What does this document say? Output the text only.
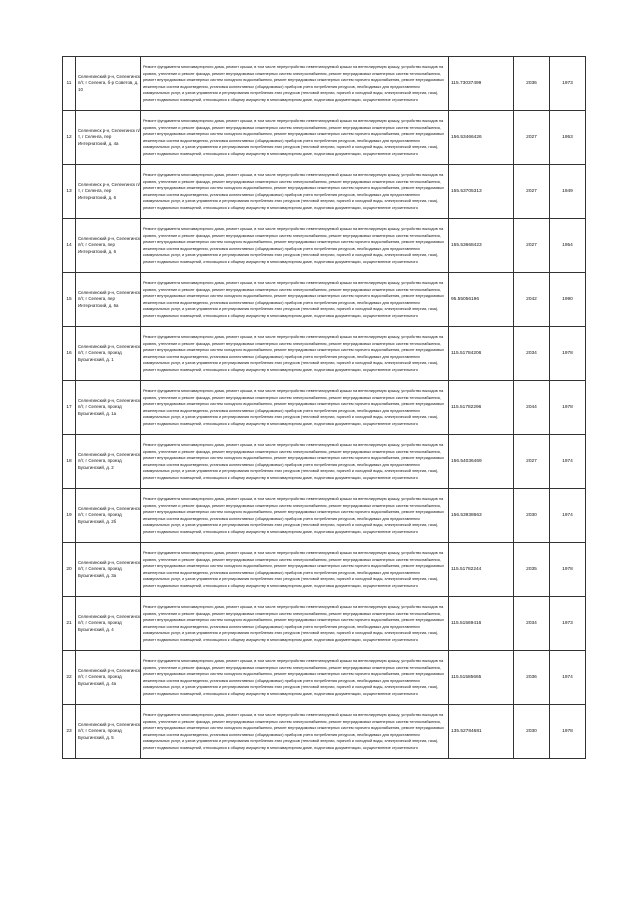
11	Селенгинский р-н, Селенгинск п/т, г Селенга, б-р Советов, д. 10	Ремонт фундамента многоквартирного дома, ремонт крыши, в том числе переустройство невентилируемой крыши на вентилируемую крышу, устройство выходов на кровлю, утепление и ремонт фасада, ремонт внутридомовых инженерных систем электроснабжения, ремонт внутридомовых инженерных систем теплоснабжения, ремонт внутридомовых инженерных систем холодного водоснабжения, ремонт внутридомовых инженерных систем горячего водоснабжения, ремонт внутридомовых инженерных систем водоотведения, установка коллективных (общедомовых) приборов учета потребления ресурсов, необходимых для предоставления коммунальных услуг, и узлов управления и регулирования потребления этих ресурсов (тепловой энергии, горячей и холодной воды, электрической энергии, газа), ремонт подвальных помещений, относящихся к общему имуществу в многоквартирном доме, подготовка документации, осуществление строительного	115.73037499	2036	1973
12	Селенгинск р-н, Селенгинск п/т, г Селенга, пер Интернатский, д. 4а	Ремонт фундамента многоквартирного дома, ремонт крыши, в том числе переустройство невентилируемой крыши на вентилируемую крышу, устройство выходов на кровлю, утепление и ремонт фасада, ремонт внутридомовых инженерных систем электроснабжения, ремонт внутридомовых инженерных систем теплоснабжения, ремонт внутридомовых инженерных систем холодного водоснабжения, ремонт внутридомовых инженерных систем горячего водоснабжения, ремонт внутридомовых инженерных систем водоотведения, установка коллективных (общедомовых) приборов учета потребления ресурсов, необходимых для предоставления коммунальных услуг, и узлов управления и регулирования потребления этих ресурсов (тепловой энергии, горячей и холодной воды, электрической энергии, газа), ремонт подвальных помещений, относящихся к общему имуществу в многоквартирном доме, подготовка документации, осуществление строительного	156.53466426	2027	1953
13	Селенгинск р-н, Селенгинск п/т, г Селенга, пер Интернатский, д. 6	Ремонт фундамента многоквартирного дома, ремонт крыши, в том числе переустройство невентилируемой крыши на вентилируемую крышу, устройство выходов на кровлю, утепление и ремонт фасада, ремонт внутридомовых инженерных систем электроснабжения, ремонт внутридомовых инженерных систем теплоснабжения, ремонт внутридомовых инженерных систем холодного водоснабжения, ремонт внутридомовых инженерных систем горячего водоснабжения, ремонт внутридомовых инженерных систем водоотведения, установка коллективных (общедомовых) приборов учета потребления ресурсов, необходимых для предоставления коммунальных услуг, и узлов управления и регулирования потребления этих ресурсов (тепловой энергии, горячей и холодной воды, электрической энергии, газа), ремонт подвальных помещений, относящихся к общему имуществу в многоквартирном доме, подготовка документации, осуществление строительного	155.53705313	2027	1949
14	Селенгинский р-н, Селенгинск п/т, г Селенга, пер Интернатский, д. 6	Ремонт фундамента многоквартирного дома, ремонт крыши, в том числе переустройство невентилируемой крыши на вентилируемую крышу, устройство выходов на кровлю, утепление и ремонт фасада, ремонт внутридомовых инженерных систем электроснабжения, ремонт внутридомовых инженерных систем теплоснабжения, ремонт внутридомовых инженерных систем холодного водоснабжения, ремонт внутридомовых инженерных систем горячего водоснабжения, ремонт внутридомовых инженерных систем водоотведения, установка коллективных (общедомовых) приборов учета потребления ресурсов, необходимых для предоставления коммунальных услуг, и узлов управления и регулирования потребления этих ресурсов (тепловой энергии, горячей и холодной воды, электрической энергии, газа), ремонт подвальных помещений, относящихся к общему имуществу в многоквартирном доме, подготовка документации, осуществление строительного	155.53668423	2027	1954
15	Селенгинский р-н, Селенгинск п/т, г Селенга, пер Интернатский, д. 6а	Ремонт фундамента многоквартирного дома, ремонт крыши, в том числе переустройство невентилируемой крыши на вентилируемую крышу, устройство выходов на кровлю, утепление и ремонт фасада, ремонт внутридомовых инженерных систем электроснабжения, ремонт внутридомовых инженерных систем теплоснабжения, ремонт внутридомовых инженерных систем холодного водоснабжения, ремонт внутридомовых инженерных систем горячего водоснабжения, ремонт внутридомовых инженерных систем водоотведения, установка коллективных (общедомовых) приборов учета потребления ресурсов, необходимых для предоставления коммунальных услуг, и узлов управления и регулирования потребления этих ресурсов (тепловой энергии, горячей и холодной воды, электрической энергии, газа), ремонт подвальных помещений, относящихся к общему имуществу в многоквартирном доме, подготовка документации, осуществление строительного	95.55056196	2042	1990
16	Селенгинский р-н, Селенгинск п/т, г Селенга, проезд Бусыгинский, д. 1	Ремонт фундамента многоквартирного дома, ремонт крыши, в том числе переустройство невентилируемой крыши на вентилируемую крышу, устройство выходов на кровлю, утепление и ремонт фасада, ремонт внутридомовых инженерных систем электроснабжения, ремонт внутридомовых инженерных систем теплоснабжения, ремонт внутридомовых инженерных систем холодного водоснабжения, ремонт внутридомовых инженерных систем горячего водоснабжения, ремонт внутридомовых инженерных систем водоотведения, установка коллективных (общедомовых) приборов учета потребления ресурсов, необходимых для предоставления коммунальных услуг, и узлов управления и регулирования потребления этих ресурсов (тепловой энергии, горячей и холодной воды, электрической энергии, газа), ремонт подвальных помещений, относящихся к общему имуществу в многоквартирном доме, подготовка документации, осуществление строительного	115.51784206	2034	1978
17	Селенгинский р-н, Селенгинск п/т, г Селенга, проезд Бусыгинский, д. 1а	Ремонт фундамента многоквартирного дома, ремонт крыши, в том числе переустройство невентилируемой крыши на вентилируемую крышу, устройство выходов на кровлю, утепление и ремонт фасада, ремонт внутридомовых инженерных систем электроснабжения, ремонт внутридомовых инженерных систем теплоснабжения, ремонт внутридомовых инженерных систем холодного водоснабжения, ремонт внутридомовых инженерных систем горячего водоснабжения, ремонт внутридомовых инженерных систем водоотведения, установка коллективных (общедомовых) приборов учета потребления ресурсов, необходимых для предоставления коммунальных услуг, и узлов управления и регулирования потребления этих ресурсов (тепловой энергии, горячей и холодной воды, электрической энергии, газа), ремонт подвальных помещений, относящихся к общему имуществу в многоквартирном доме, подготовка документации, осуществление строительного	115.51782296	2044	1978
18	Селенгинский р-н, Селенгинск п/т, г Селенга, проезд Бусыгинский, д. 2	Ремонт фундамента многоквартирного дома, ремонт крыши, в том числе переустройство невентилируемой крыши на вентилируемую крышу, устройство выходов на кровлю, утепление и ремонт фасада, ремонт внутридомовых инженерных систем электроснабжения, ремонт внутридомовых инженерных систем теплоснабжения, ремонт внутридомовых инженерных систем холодного водоснабжения, ремонт внутридомовых инженерных систем горячего водоснабжения, ремонт внутридомовых инженерных систем водоотведения, установка коллективных (общедомовых) приборов учета потребления ресурсов, необходимых для предоставления коммунальных услуг, и узлов управления и регулирования потребления этих ресурсов (тепловой энергии, горячей и холодной воды, электрической энергии, газа), ремонт подвальных помещений, относящихся к общему имуществу в многоквартирном доме, подготовка документации, осуществление строительного	156.54036469	2027	1974
19	Селенгинский р-н, Селенгинск п/т, г Селенга, проезд Бусыгинский, д. 2б	Ремонт фундамента многоквартирного дома, ремонт крыши, в том числе переустройство невентилируемой крыши на вентилируемую крышу, устройство выходов на кровлю, утепление и ремонт фасада, ремонт внутридомовых инженерных систем электроснабжения, ремонт внутридомовых инженерных систем теплоснабжения, ремонт внутридомовых инженерных систем холодного водоснабжения, ремонт внутридомовых инженерных систем горячего водоснабжения, ремонт внутридомовых инженерных систем водоотведения, установка коллективных (общедомовых) приборов учета потребления ресурсов, необходимых для предоставления коммунальных услуг, и узлов управления и регулирования потребления этих ресурсов (тепловой энергии, горячей и холодной воды, электрической энергии, газа), ремонт подвальных помещений, относящихся к общему имуществу в многоквартирном доме, подготовка документации, осуществление строительного	156.53938663	2030	1974
20	Селенгинский р-н, Селенгинск п/т, г Селенга, проезд Бусыгинский, д. 3а	Ремонт фундамента многоквартирного дома, ремонт крыши, в том числе переустройство невентилируемой крыши на вентилируемую крышу, устройство выходов на кровлю, утепление и ремонт фасада, ремонт внутридомовых инженерных систем электроснабжения, ремонт внутридомовых инженерных систем теплоснабжения, ремонт внутридомовых инженерных систем холодного водоснабжения, ремонт внутридомовых инженерных систем горячего водоснабжения, ремонт внутридомовых инженерных систем водоотведения, установка коллективных (общедомовых) приборов учета потребления ресурсов, необходимых для предоставления коммунальных услуг, и узлов управления и регулирования потребления этих ресурсов (тепловой энергии, горячей и холодной воды, электрической энергии, газа), ремонт подвальных помещений, относящихся к общему имуществу в многоквартирном доме, подготовка документации, осуществление строительного	115.51782244	2035	1978
21	Селенгинский р-н, Селенгинск п/т, г Селенга, проезд Бусыгинский, д. 4	Ремонт фундамента многоквартирного дома, ремонт крыши, в том числе переустройство невентилируемой крыши на вентилируемую крышу, устройство выходов на кровлю, утепление и ремонт фасада, ремонт внутридомовых инженерных систем электроснабжения, ремонт внутридомовых инженерных систем теплоснабжения, ремонт внутридомовых инженерных систем холодного водоснабжения, ремонт внутридомовых инженерных систем горячего водоснабжения, ремонт внутридомовых инженерных систем водоотведения, установка коллективных (общедомовых) приборов учета потребления ресурсов, необходимых для предоставления коммунальных услуг, и узлов управления и регулирования потребления этих ресурсов (тепловой энергии, горячей и холодной воды, электрической энергии, газа), ремонт подвальных помещений, относящихся к общему имуществу в многоквартирном доме, подготовка документации, осуществление строительного	115.51569416	2034	1973
22	Селенгинский р-н, Селенгинск п/т, г Селенга, проезд Бусыгинский, д. 4а	Ремонт фундамента многоквартирного дома, ремонт крыши, в том числе переустройство невентилируемой крыши на вентилируемую крышу, устройство выходов на кровлю, утепление и ремонт фасада, ремонт внутридомовых инженерных систем электроснабжения, ремонт внутридомовых инженерных систем теплоснабжения, ремонт внутридомовых инженерных систем холодного водоснабжения, ремонт внутридомовых инженерных систем горячего водоснабжения, ремонт внутридомовых инженерных систем водоотведения, установка коллективных (общедомовых) приборов учета потребления ресурсов, необходимых для предоставления коммунальных услуг, и узлов управления и регулирования потребления этих ресурсов (тепловой энергии, горячей и холодной воды, электрической энергии, газа), ремонт подвальных помещений, относящихся к общему имуществу в многоквартирном доме, подготовка документации, осуществление строительного	115.51585665	2036	1974
23	Селенгинский р-н, Селенгинск п/т, г Селенга, проезд Бусыгинский, д. 5	Ремонт фундамента многоквартирного дома, ремонт крыши, в том числе переустройство невентилируемой крыши на вентилируемую крышу, устройство выходов на кровлю, утепление и ремонт фасада, ремонт внутридомовых инженерных систем электроснабжения, ремонт внутридомовых инженерных систем теплоснабжения, ремонт внутридомовых инженерных систем холодного водоснабжения, ремонт внутридомовых инженерных систем горячего водоснабжения, ремонт внутридомовых инженерных систем водоотведения, установка коллективных (общедомовых) приборов учета потребления ресурсов, необходимых для предоставления коммунальных услуг, и узлов управления и регулирования потребления этих ресурсов (тепловой энергии, горячей и холодной воды, электрической энергии, газа), ремонт подвальных помещений, относящихся к общему имуществу в многоквартирном доме, подготовка документации, осуществление строительного	135.52784681	2030	1978
